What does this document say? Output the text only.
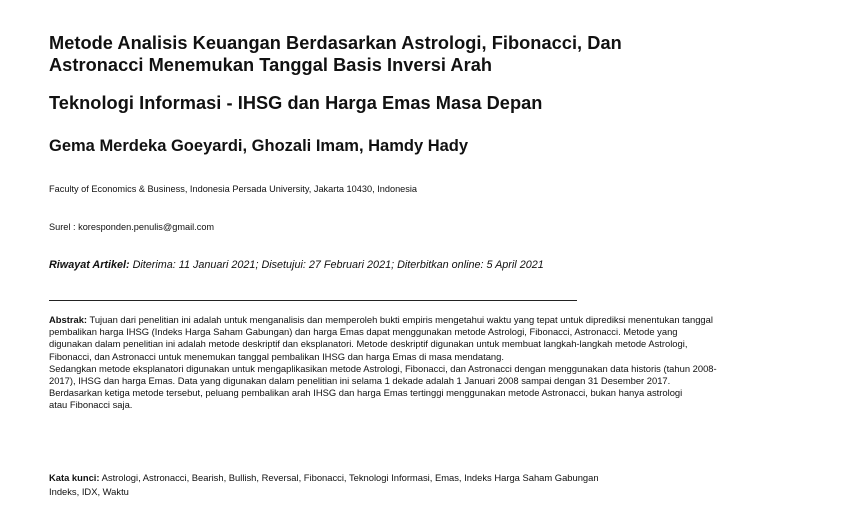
Metode Analisis Keuangan Berdasarkan Astrologi, Fibonacci, Dan
Astronacci Menemukan Tanggal Basis Inversi Arah
Teknologi Informasi - IHSG dan Harga Emas Masa Depan
Gema Merdeka Goeyardi, Ghozali Imam, Hamdy Hady
Faculty of Economics & Business, Indonesia Persada University, Jakarta 10430, Indonesia
Surel : koresponden.penulis@gmail.com
Riwayat Artikel: Diterima: 11 Januari 2021; Disetujui: 27 Februari 2021; Diterbitkan online: 5 April 2021
Abstrak: Tujuan dari penelitian ini adalah untuk menganalisis dan memperoleh bukti empiris mengetahui waktu yang tepat untuk diprediksi menentukan tanggal
pembalikan harga IHSG (Indeks Harga Saham Gabungan) dan harga Emas dapat menggunakan metode Astrologi, Fibonacci, Astronacci. Metode yang
digunakan dalam penelitian ini adalah metode deskriptif dan eksplanatori. Metode deskriptif digunakan untuk membuat langkah-langkah metode Astrologi,
Fibonacci, dan Astronacci untuk menemukan tanggal pembalikan IHSG dan harga Emas di masa mendatang.
Sedangkan metode eksplanatori digunakan untuk mengaplikasikan metode Astrologi, Fibonacci, dan Astronacci dengan menggunakan data historis (tahun 2008-
2017), IHSG dan harga Emas. Data yang digunakan dalam penelitian ini selama 1 dekade adalah 1 Januari 2008 sampai dengan 31 Desember 2017.
Berdasarkan ketiga metode tersebut, peluang pembalikan arah IHSG dan harga Emas tertinggi menggunakan metode Astronacci, bukan hanya astrologi
atau Fibonacci saja.
Kata kunci: Astrologi, Astronacci, Bearish, Bullish, Reversal, Fibonacci, Teknologi Informasi, Emas, Indeks Harga Saham Gabungan
Indeks, IDX, Waktu
